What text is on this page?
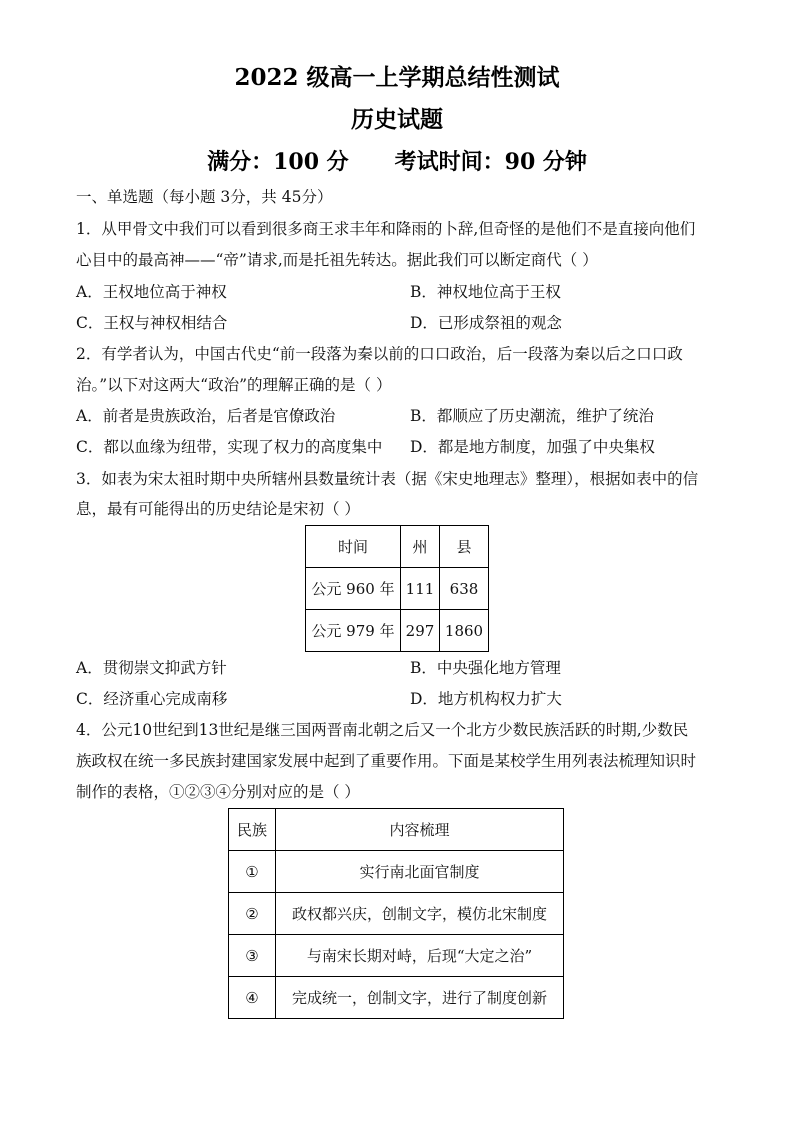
2022 级高一上学期总结性测试
历史试题
满分：100 分      考试时间：90 分钟
一、单选题（每小题 3分，共 45分）
1．从甲骨文中我们可以看到很多商王求丰年和降雨的卜辞,但奇怪的是他们不是直接向他们
心目中的最高神——“帝”请求,而是托祖先转达。据此我们可以断定商代（ ）
A．王权地位高于神权	B．神权地位高于王权
C．王权与神权相结合	D．已形成祭祖的观念
2．有学者认为，中国古代史“前一段落为秦以前的口口政治，后一段落为秦以后之口口政
治。”以下对这两大“政治”的理解正确的是（ ）
A．前者是贵族政治，后者是官僚政治	B．都顺应了历史潮流，维护了统治
C．都以血缘为纽带，实现了权力的高度集中 D．都是地方制度，加强了中央集权
3．如表为宋太祖时期中央所辖州县数量统计表（据《宋史地理志》整理），根据如表中的信
息，最有可能得出的历史结论是宋初（ ）
时间	州	县
公元 960 年	111	638
公元 979 年	297	1860
A．贯彻崇文抑武方针	B．中央强化地方管理
C．经济重心完成南移	D．地方机构权力扩大
4．公元10世纪到13世纪是继三国两晋南北朝之后又一个北方少数民族活跃的时期,少数民
族政权在统一多民族封建国家发展中起到了重要作用。下面是某校学生用列表法梳理知识时
制作的表格，①②③④分别对应的是（ ）
民族	内容梳理
①	实行南北面官制度
②	政权都兴庆，创制文字，模仿北宋制度
③	与南宋长期对峙，后现“大定之治”
④	完成统一，创制文字，进行了制度创新
